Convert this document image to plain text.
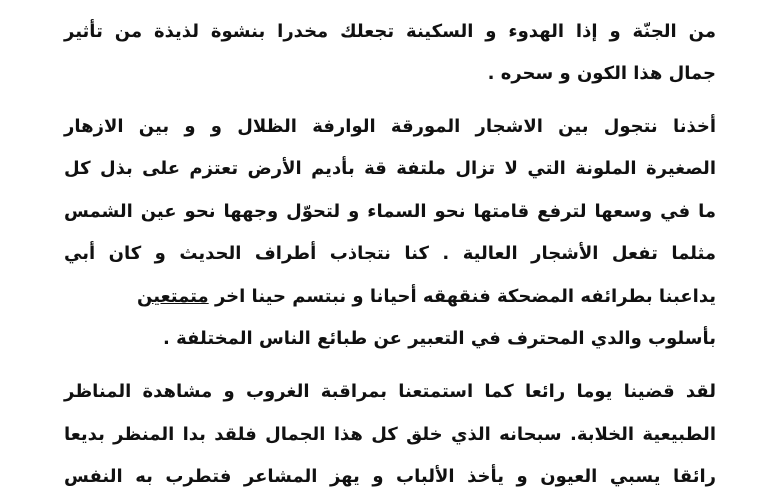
من الجنّة و إذا الهدوء و السكينة تجعلك مخدرا بنشوة لذيذة من تأثير
جمال هذا الكون و سحره .
أخذنا نتجول بين الاشجار المورقة الوارفة الظلال و و بين الازهار
الصغيرة الملونة التي لا تزال ملتفة قة بأديم الأرض تعتزم على بذل كل
ما في وسعها لترفع قامتها نحو السماء و لتحوّل وجهها نحو عين الشمس
مثلما تفعل الأشجار العالية . كنا نتجاذب أطراف الحديث و كان أبي
يداعبنا بطرائفه المضحكة فنقهقه أحيانا و نبتسم حينا اخر متمتعين
بأسلوب والدي المحترف في التعبير عن طبائع الناس المختلفة .
لقد قضينا يوما رائعا كما استمتعنا بمراقبة الغروب و مشاهدة المناظر
الطبيعية الخلابة. سبحانه الذي خلق كل هذا الجمال فلقد بدا المنظر بديعا
رائقا يسبي العيون و يأخذ الألباب و يهز المشاعر فتطرب به النفس
